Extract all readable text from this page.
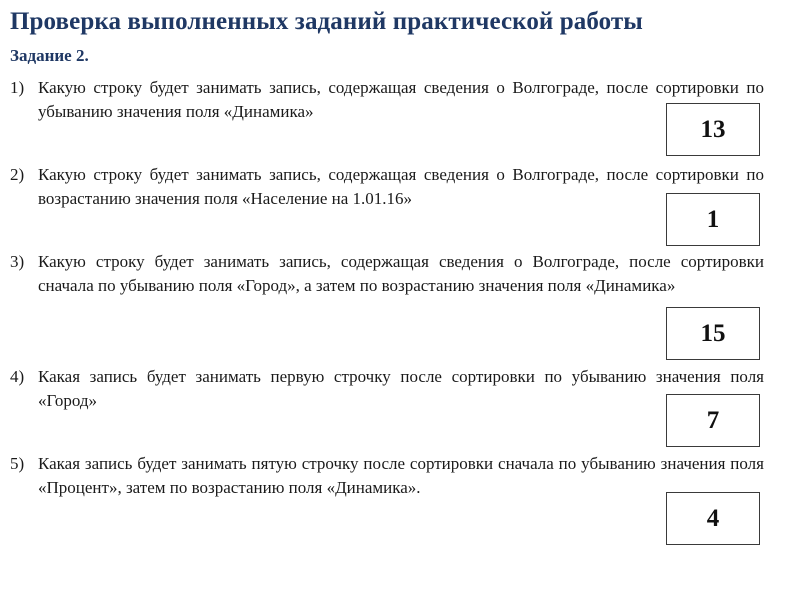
Проверка выполненных заданий практической работы
Задание 2.
1) Какую строку будет занимать запись, содержащая сведения о Волгограде, после сортировки по убыванию значения поля «Динамика»
13
2) Какую строку будет занимать запись, содержащая сведения о Волгограде, после сортировки по возрастанию значения поля «Население на 1.01.16»
1
3) Какую строку будет занимать запись, содержащая сведения о Волгограде, после сортировки сначала по убыванию поля «Город», а затем по возрастанию значения поля «Динамика»
15
4) Какая запись будет занимать первую строчку после сортировки по убыванию значения поля «Город»
7
5) Какая запись будет занимать пятую строчку после сортировки сначала по убыванию значения поля «Процент», затем по возрастанию поля «Динамика».
4
